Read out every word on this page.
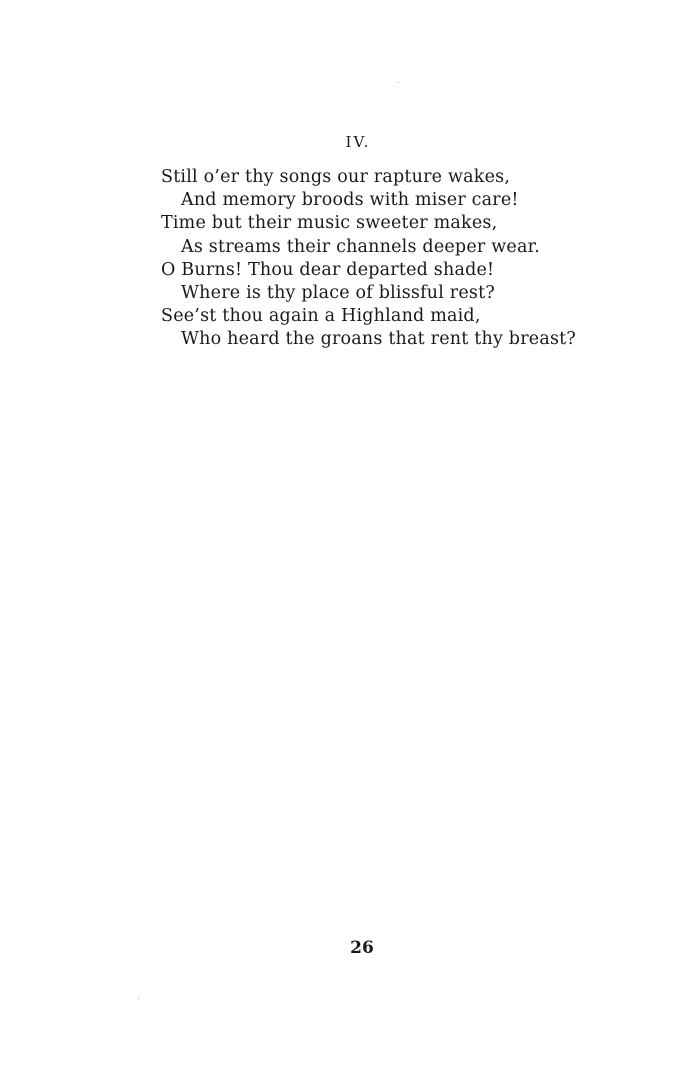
IV.
Still o’er thy songs our rapture wakes,
And memory broods with miser care!
Time but their music sweeter makes,
As streams their channels deeper wear.
O Burns! Thou dear departed shade!
Where is thy place of blissful rest?
See’st thou again a Highland maid,
Who heard the groans that rent thy breast?
26
